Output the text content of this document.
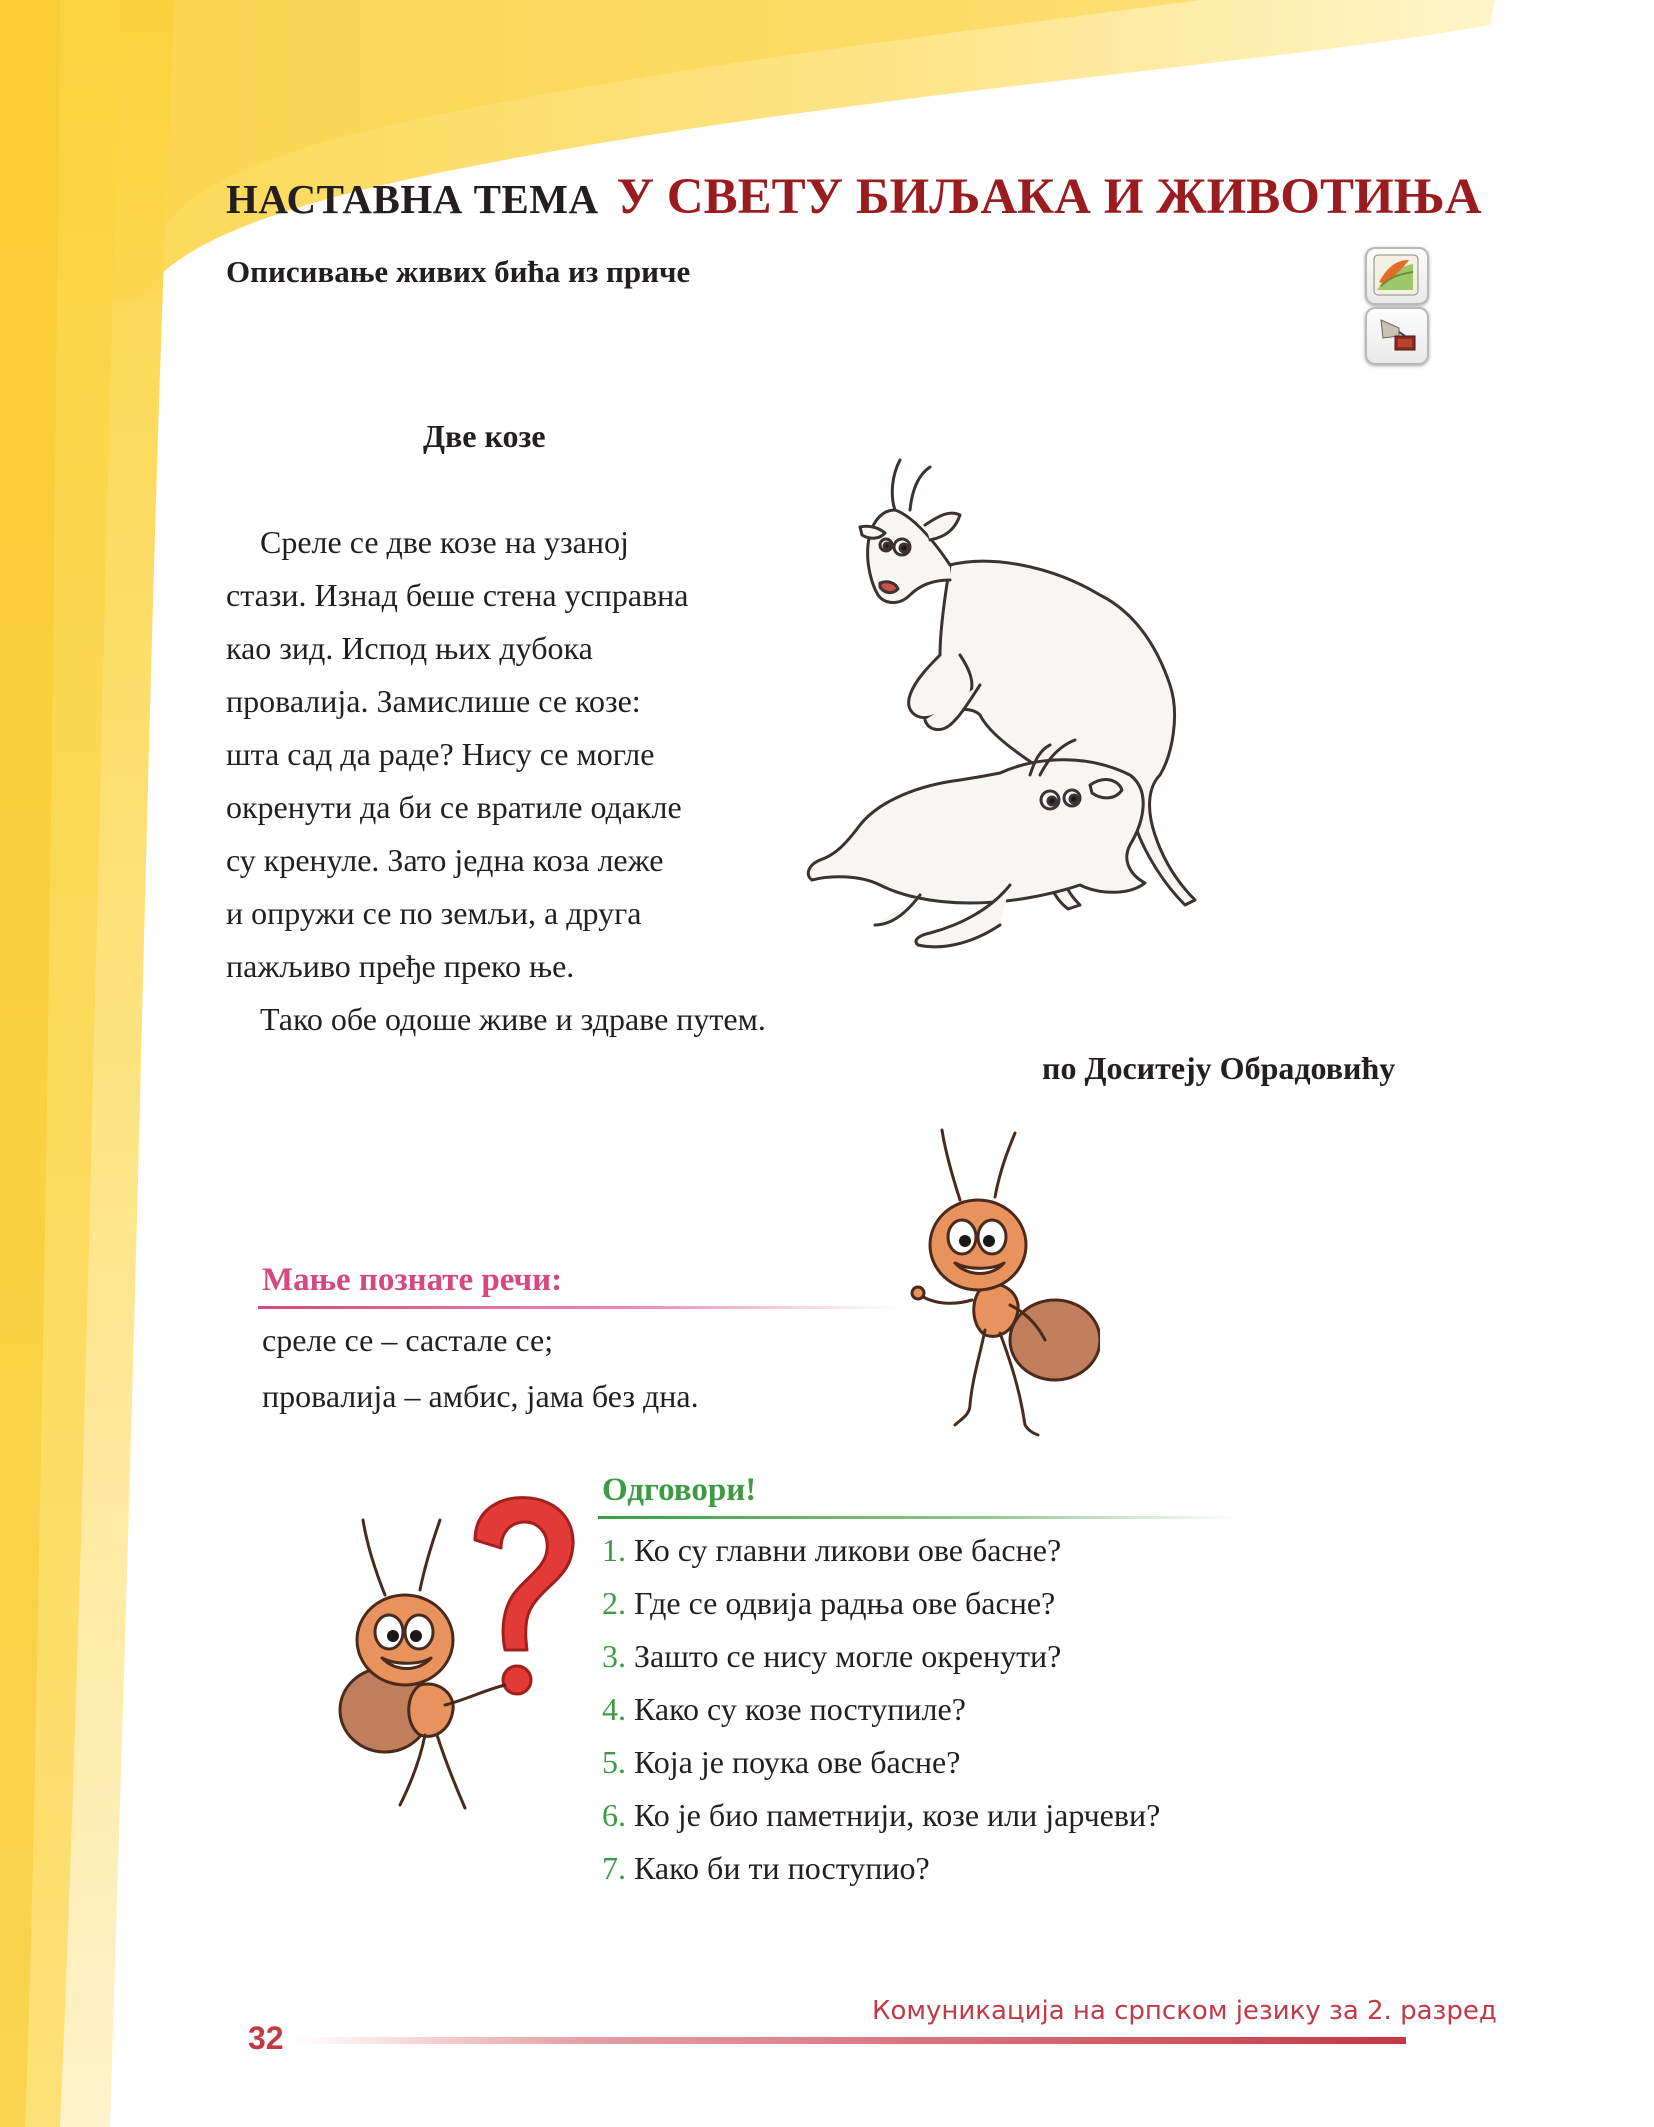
НАСТАВНА ТЕМА У СВЕТУ БИЉАКА И ЖИВОТИЊА
Описивање живих бића из приче
Две козе
Среле се две козе на узаној
стази. Изнад беше стена усправна
као зид. Испод њих дубока
провалија. Замислише се козе:
шта сад да раде? Нису се могле
окренути да би се вратиле одакле
су кренуле. Зато једна коза леже
и опружи се по земљи, а друга
пажљиво пређе преко ње.
Тако обе одоше живе и здраве путем.
по Доситеју Обрадовићу
Мање познате речи:
среле се – састале се;
провалија – амбис, јама без дна.
Одговори!
1. Ко су главни ликови ове басне?
2. Где се одвија радња ове басне?
3. Зашто се нису могле окренути?
4. Како су козе поступиле?
5. Која је поука ове басне?
6. Ко је био паметнији, козе или јарчеви?
7. Како би ти поступио?
32
Комуникација на српском језику за 2. разред
